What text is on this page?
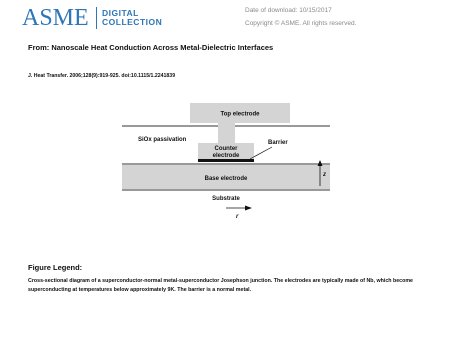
ASME DIGITAL
COLLECTION
Date of download: 10/15/2017
Copyright © ASME. All rights reserved.
From: Nanoscale Heat Conduction Across Metal-Dielectric Interfaces
J. Heat Transfer. 2006;128(9):919-925. doi:10.1115/1.2241839
Top electrode
SiOx passivation
Counter
electrode
Barrier
Base electrode
Substrate
z
r
Figure Legend:
Cross-sectional diagram of a superconductor-normal metal-superconductor Josephson junction. The electrodes are typically made of Nb, which become superconducting at temperatures below approximately 9K. The barrier is a normal metal.
